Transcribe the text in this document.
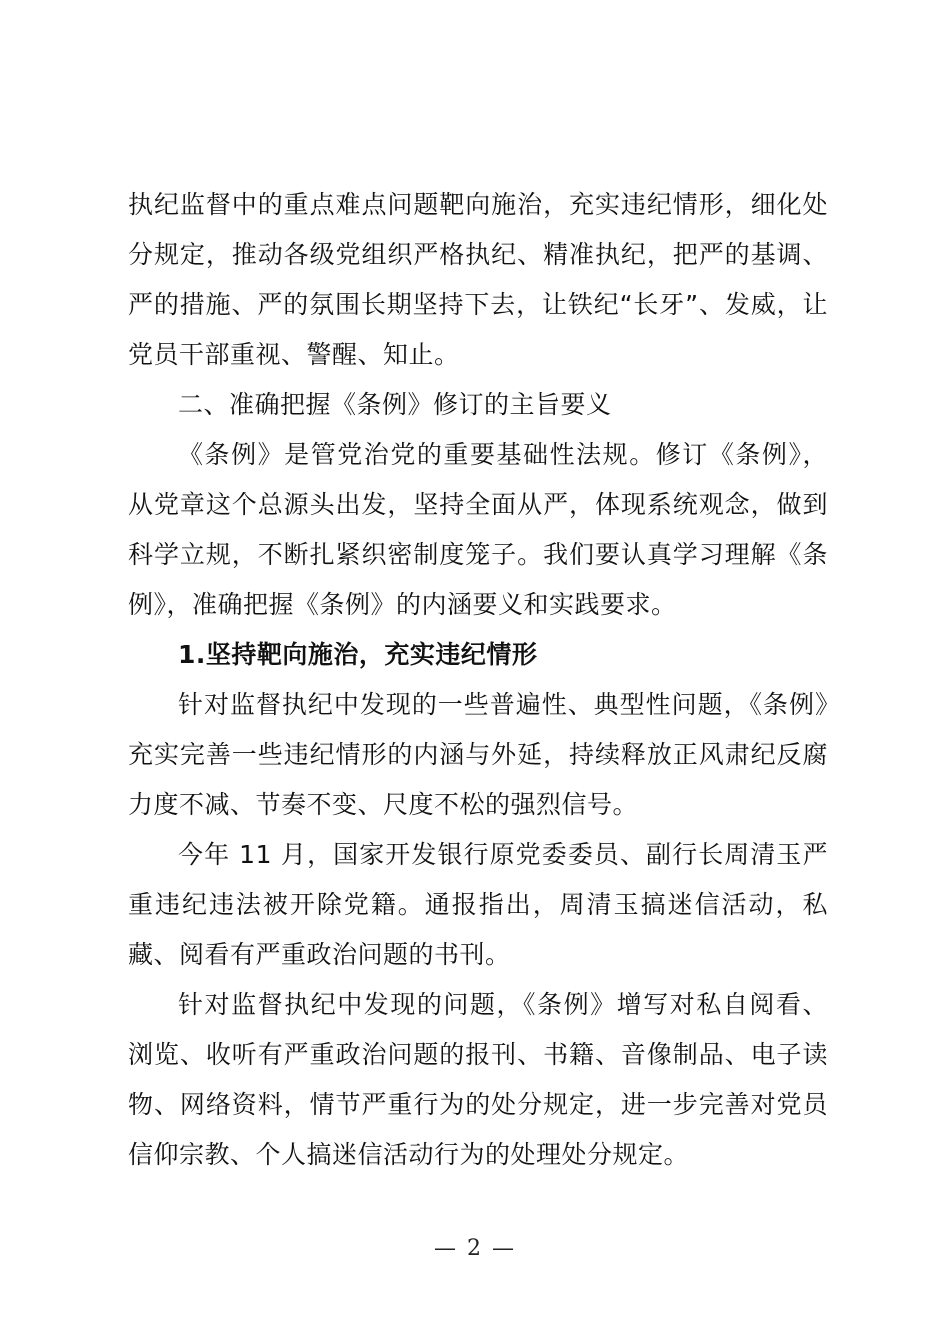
执纪监督中的重点难点问题靶向施治，充实违纪情形，细化处分规定，推动各级党组织严格执纪、精准执纪，把严的基调、严的措施、严的氛围长期坚持下去，让铁纪“长牙”、发威，让党员干部重视、警醒、知止。

二、准确把握《条例》修订的主旨要义

《条例》是管党治党的重要基础性法规。修订《条例》，从党章这个总源头出发，坚持全面从严，体现系统观念，做到科学立规，不断扎紧织密制度笼子。我们要认真学习理解《条例》，准确把握《条例》的内涵要义和实践要求。

1.坚持靶向施治，充实违纪情形

针对监督执纪中发现的一些普遍性、典型性问题，《条例》充实完善一些违纪情形的内涵与外延，持续释放正风肃纪反腐力度不减、节奏不变、尺度不松的强烈信号。

今年 11 月，国家开发银行原党委委员、副行长周清玉严重违纪违法被开除党籍。通报指出，周清玉搞迷信活动，私藏、阅看有严重政治问题的书刊。

针对监督执纪中发现的问题，《条例》增写对私自阅看、浏览、收听有严重政治问题的报刊、书籍、音像制品、电子读物、网络资料，情节严重行为的处分规定，进一步完善对党员信仰宗教、个人搞迷信活动行为的处理处分规定。

— 2 —
